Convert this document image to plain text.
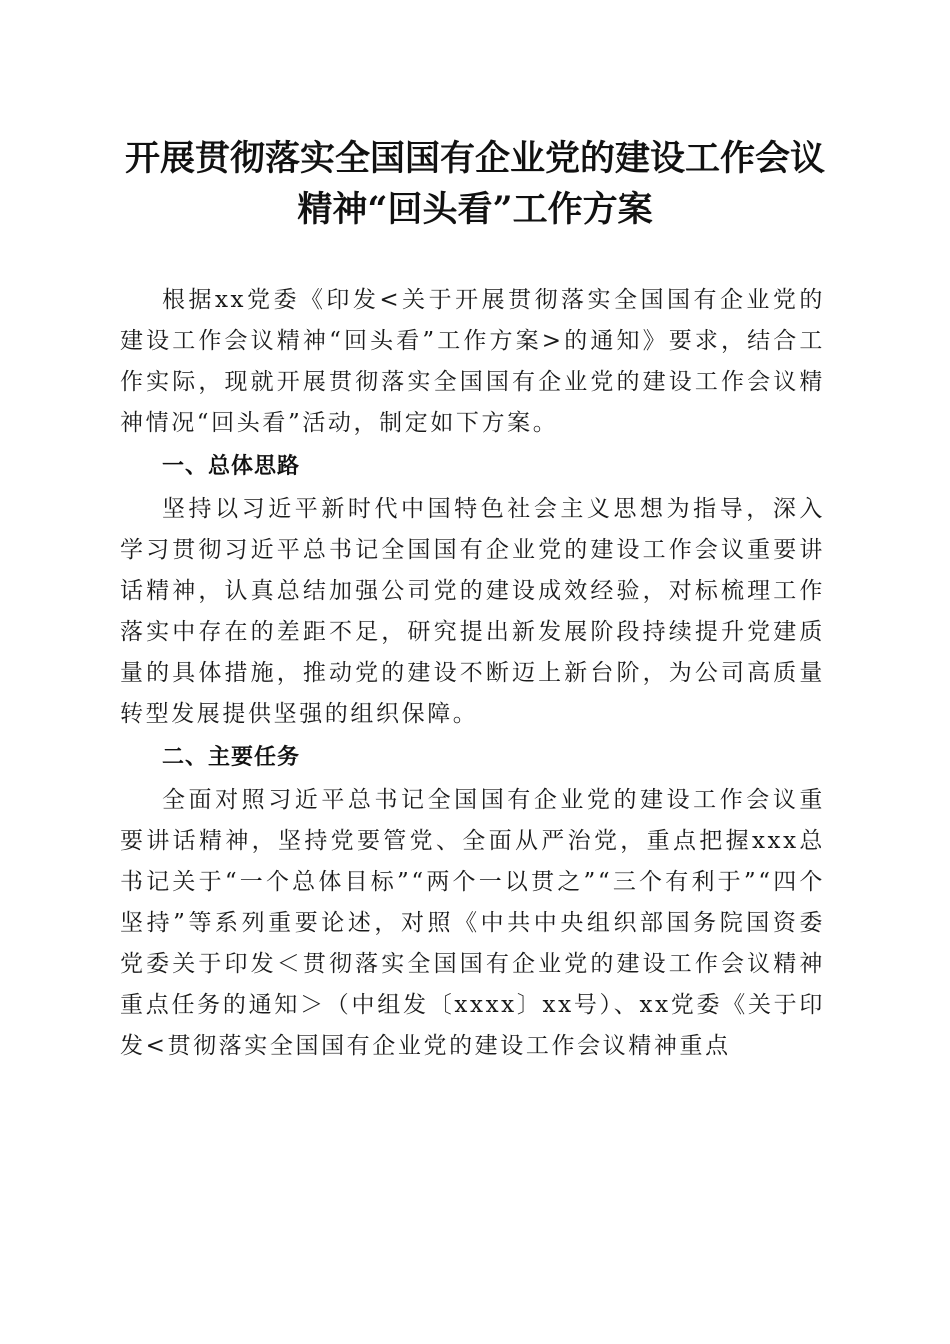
开展贯彻落实全国国有企业党的建设工作会议
精神“回头看”工作方案

根据xx党委《印发<关于开展贯彻落实全国国有企业党的建设工作会议精神“回头看”工作方案>的通知》要求，结合工作实际，现就开展贯彻落实全国国有企业党的建设工作会议精神情况“回头看”活动，制定如下方案。

一、总体思路

坚持以习近平新时代中国特色社会主义思想为指导，深入学习贯彻习近平总书记全国国有企业党的建设工作会议重要讲话精神，认真总结加强公司党的建设成效经验，对标梳理工作落实中存在的差距不足，研究提出新发展阶段持续提升党建质量的具体措施，推动党的建设不断迈上新台阶，为公司高质量转型发展提供坚强的组织保障。

二、主要任务

全面对照习近平总书记全国国有企业党的建设工作会议重要讲话精神，坚持党要管党、全面从严治党，重点把握xxx总书记关于“一个总体目标”“两个一以贯之”“三个有利于”“四个坚持”等系列重要论述，对照《中共中央组织部国务院国资委党委关于印发＜贯彻落实全国国有企业党的建设工作会议精神重点任务的通知＞（中组发〔xxxx〕xx号）、xx党委《关于印发<贯彻落实全国国有企业党的建设工作会议精神重点
